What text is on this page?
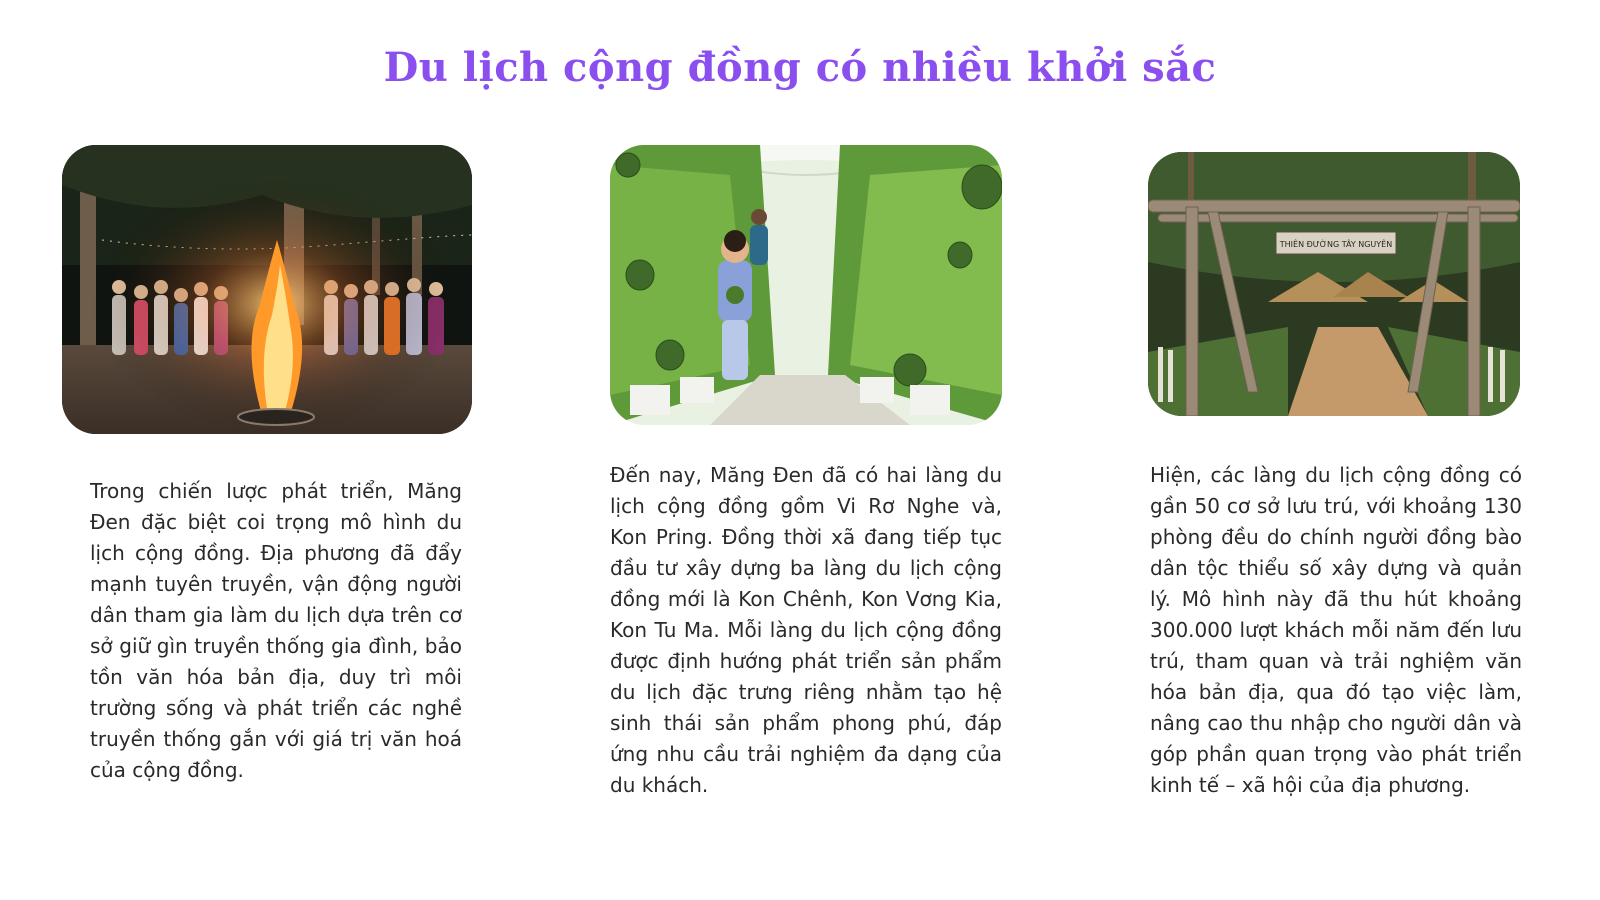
Du lịch cộng đồng có nhiều khởi sắc
THIÊN ĐƯỜNG TÂY NGUYÊN

Trong chiến lược phát triển, Măng Đen đặc biệt coi trọng mô hình du lịch cộng đồng. Địa phương đã đẩy mạnh tuyên truyền, vận động người dân tham gia làm du lịch dựa trên cơ sở giữ gìn truyền thống gia đình, bảo tồn văn hóa bản địa, duy trì môi trường sống và phát triển các nghề truyền thống gắn với giá trị văn hoá của cộng đồng.

Đến nay, Măng Đen đã có hai làng du lịch cộng đồng gồm Vi Rơ Nghe và, Kon Pring. Đồng thời xã đang tiếp tục đầu tư xây dựng ba làng du lịch cộng đồng mới là Kon Chênh, Kon Vơng Kia, Kon Tu Ma. Mỗi làng du lịch cộng đồng được định hướng phát triển sản phẩm du lịch đặc trưng riêng nhằm tạo hệ sinh thái sản phẩm phong phú, đáp ứng nhu cầu trải nghiệm đa dạng của du khách.

Hiện, các làng du lịch cộng đồng có gần 50 cơ sở lưu trú, với khoảng 130 phòng đều do chính người đồng bào dân tộc thiểu số xây dựng và quản lý. Mô hình này đã thu hút khoảng 300.000 lượt khách mỗi năm đến lưu trú, tham quan và trải nghiệm văn hóa bản địa, qua đó tạo việc làm, nâng cao thu nhập cho người dân và góp phần quan trọng vào phát triển kinh tế – xã hội của địa phương.
